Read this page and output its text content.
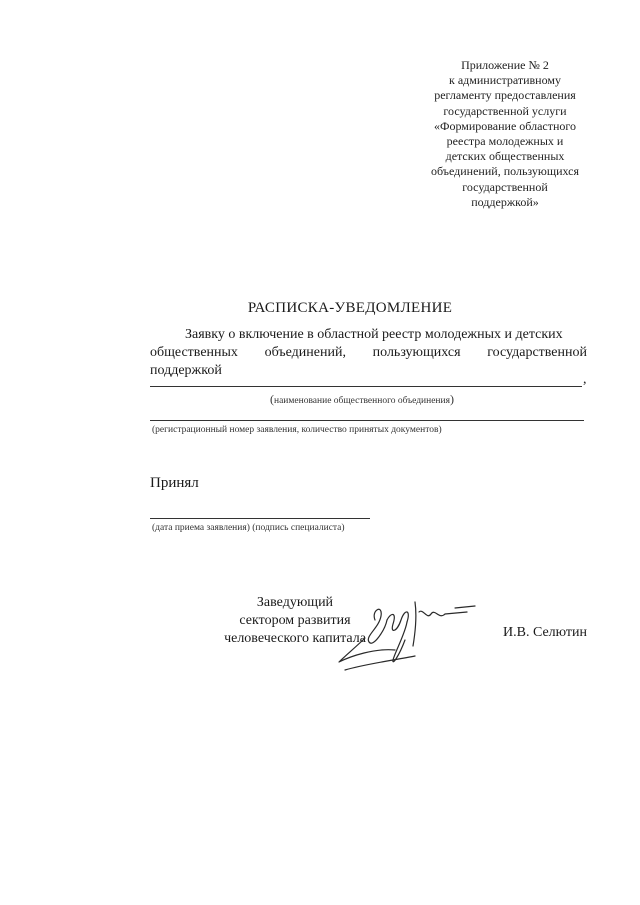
Приложение № 2
к административному
регламенту предоставления
государственной услуги
«Формирование областного
реестра молодежных и
детских общественных
объединений, пользующихся
государственной
поддержкой»
РАСПИСКА-УВЕДОМЛЕНИЕ
Заявку о включение в областной реестр молодежных и детских
общественных объединений, пользующихся государственной поддержкой
,
(наименование общественного объединения)
(регистрационный номер заявления, количество принятых документов)
Принял
(дата приема заявления) (подпись специалиста)
Заведующий
сектором развития
человеческого капитала	И.В. Селютин
